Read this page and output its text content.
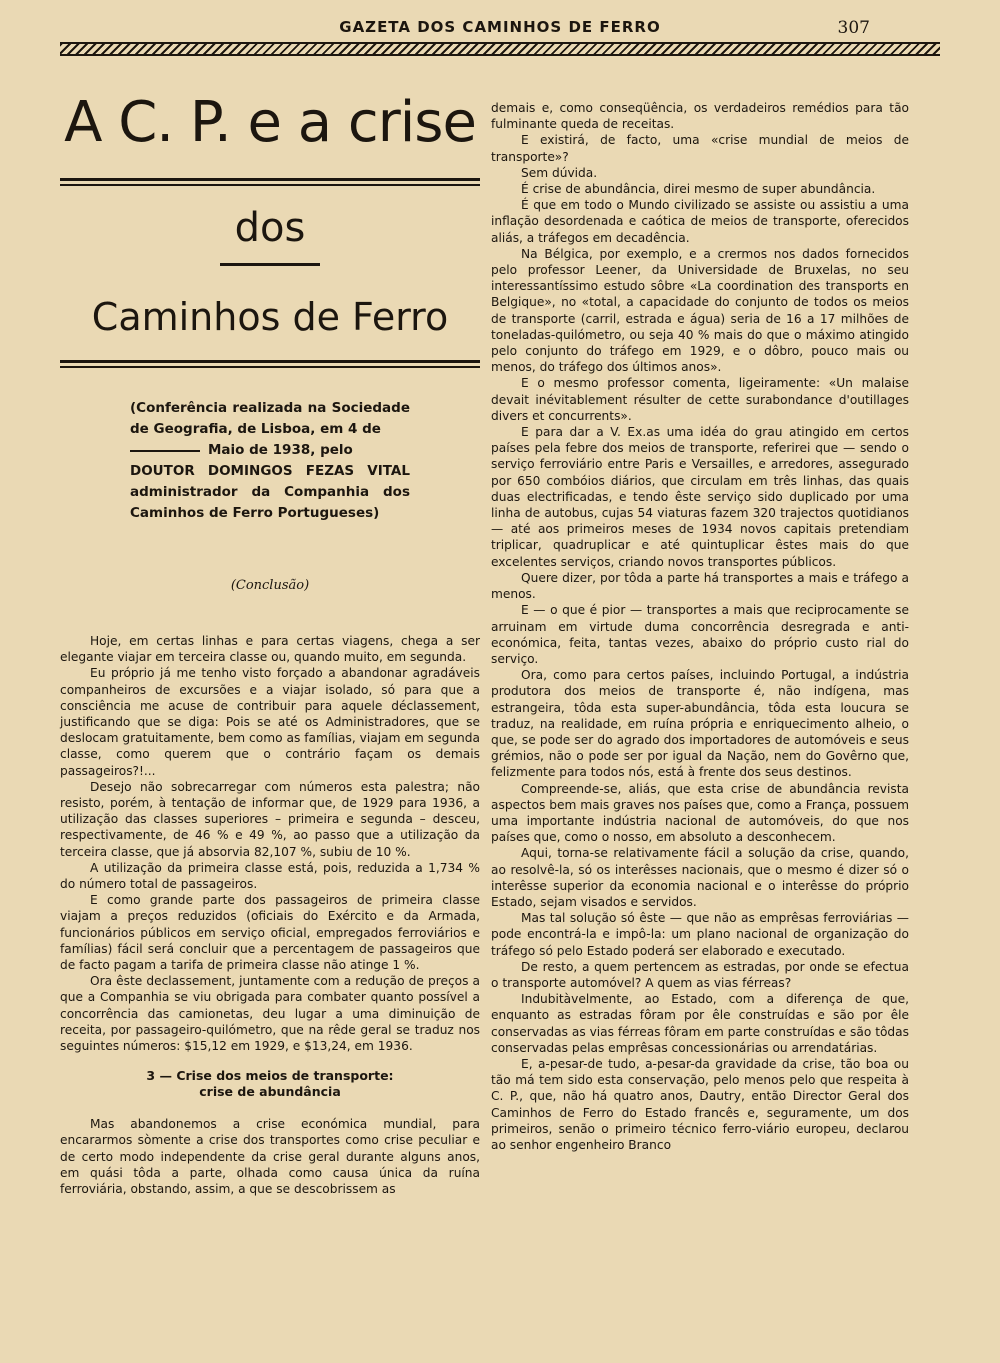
GAZETA DOS CAMINHOS DE FERRO	307
A C. P. e a crise
dos
Caminhos de Ferro
(Conferência realizada na Sociedade de Geografia, de Lisboa, em 4 de
Maio de 1938, pelo
DOUTOR DOMINGOS FEZAS VITAL administrador da Companhia dos Caminhos de Ferro Portugueses)
(Conclusão)

Hoje, em certas linhas e para certas viagens, chega a ser elegante viajar em terceira classe ou, quando muito, em segunda.

Eu próprio já me tenho visto forçado a abandonar agradáveis companheiros de excursões e a viajar isolado, só para que a consciência me acuse de contribuir para aquele déclassement, justificando que se diga: Pois se até os Administradores, que se deslocam gratuitamente, bem como as famílias, viajam em segunda classe, como querem que o contrário façam os demais passageiros?!...

Desejo não sobrecarregar com números esta palestra; não resisto, porém, à tentação de informar que, de 1929 para 1936, a utilização das classes superiores – primeira e segunda – desceu, respectivamente, de 46 % e 49 %, ao passo que a utilização da terceira classe, que já absorvia 82,107 %, subiu de 10 %.

A utilização da primeira classe está, pois, reduzida a 1,734 % do número total de passageiros.

E como grande parte dos passageiros de primeira classe viajam a preços reduzidos (oficiais do Exército e da Armada, funcionários públicos em serviço oficial, empregados ferroviários e famílias) fácil será concluir que a percentagem de passageiros que de facto pagam a tarifa de primeira classe não atinge 1 %.

Ora êste declassement, juntamente com a redução de preços a que a Companhia se viu obrigada para combater quanto possível a concorrência das camionetas, deu lugar a uma diminuição de receita, por passageiro-quilómetro, que na rêde geral se traduz nos seguintes números: $15,12 em 1929, e $13,24, em 1936.

3 — Crise dos meios de transporte:
crise de abundância

Mas abandonemos a crise económica mundial, para encararmos sòmente a crise dos transportes como crise peculiar e de certo modo independente da crise geral durante alguns anos, em quási tôda a parte, olhada como causa única da ruína ferroviária, obstando, assim, a que se descobrissem as

demais e, como conseqüência, os verdadeiros remédios para tão fulminante queda de receitas.

E existirá, de facto, uma «crise mundial de meios de transporte»?

Sem dúvida.

É crise de abundância, direi mesmo de super abundância.

É que em todo o Mundo civilizado se assiste ou assistiu a uma inflação desordenada e caótica de meios de transporte, oferecidos aliás, a tráfegos em decadência.

Na Bélgica, por exemplo, e a crermos nos dados fornecidos pelo professor Leener, da Universidade de Bruxelas, no seu interessantíssimo estudo sôbre «La coordination des transports en Belgique», no «total, a capacidade do conjunto de todos os meios de transporte (carril, estrada e água) seria de 16 a 17 milhões de toneladas-quilómetro, ou seja 40 % mais do que o máximo atingido pelo conjunto do tráfego em 1929, e o dôbro, pouco mais ou menos, do tráfego dos últimos anos».

E o mesmo professor comenta, ligeiramente: «Un malaise devait inévitablement résulter de cette surabondance d'outillages divers et concurrents».

E para dar a V. Ex.as uma idéa do grau atingido em certos países pela febre dos meios de transporte, referirei que — sendo o serviço ferroviário entre Paris e Versailles, e arredores, assegurado por 650 combóios diários, que circulam em três linhas, das quais duas electrificadas, e tendo êste serviço sido duplicado por uma linha de autobus, cujas 54 viaturas fazem 320 trajectos quotidianos — até aos primeiros meses de 1934 novos capitais pretendiam triplicar, quadruplicar e até quintuplicar êstes mais do que excelentes serviços, criando novos transportes públicos.

Quere dizer, por tôda a parte há transportes a mais e tráfego a menos.

E — o que é pior — transportes a mais que reciprocamente se arruinam em virtude duma concorrência desregrada e anti-económica, feita, tantas vezes, abaixo do próprio custo rial do serviço.

Ora, como para certos países, incluindo Portugal, a indústria produtora dos meios de transporte é, não indígena, mas estrangeira, tôda esta super-abundância, tôda esta loucura se traduz, na realidade, em ruína própria e enriquecimento alheio, o que, se pode ser do agrado dos importadores de automóveis e seus grémios, não o pode ser por igual da Nação, nem do Govêrno que, felizmente para todos nós, está à frente dos seus destinos.

Compreende-se, aliás, que esta crise de abundância revista aspectos bem mais graves nos países que, como a França, possuem uma importante indústria nacional de automóveis, do que nos países que, como o nosso, em absoluto a desconhecem.

Aqui, torna-se relativamente fácil a solução da crise, quando, ao resolvê-la, só os interêsses nacionais, que o mesmo é dizer só o interêsse superior da economia nacional e o interêsse do próprio Estado, sejam visados e servidos.

Mas tal solução só êste — que não as emprêsas ferroviárias — pode encontrá-la e impô-la: um plano nacional de organização do tráfego só pelo Estado poderá ser elaborado e executado.

De resto, a quem pertencem as estradas, por onde se efectua o transporte automóvel? A quem as vias férreas?

Indubitàvelmente, ao Estado, com a diferença de que, enquanto as estradas fôram por êle construídas e são por êle conservadas as vias férreas fôram em parte construídas e são tôdas conservadas pelas emprêsas concessionárias ou arrendatárias.

E, a-pesar-de tudo, a-pesar-da gravidade da crise, tão boa ou tão má tem sido esta conservação, pelo menos pelo que respeita à C. P., que, não há quatro anos, Dautry, então Director Geral dos Caminhos de Ferro do Estado francês e, seguramente, um dos primeiros, senão o primeiro técnico ferro-viário europeu, declarou ao senhor engenheiro Branco
